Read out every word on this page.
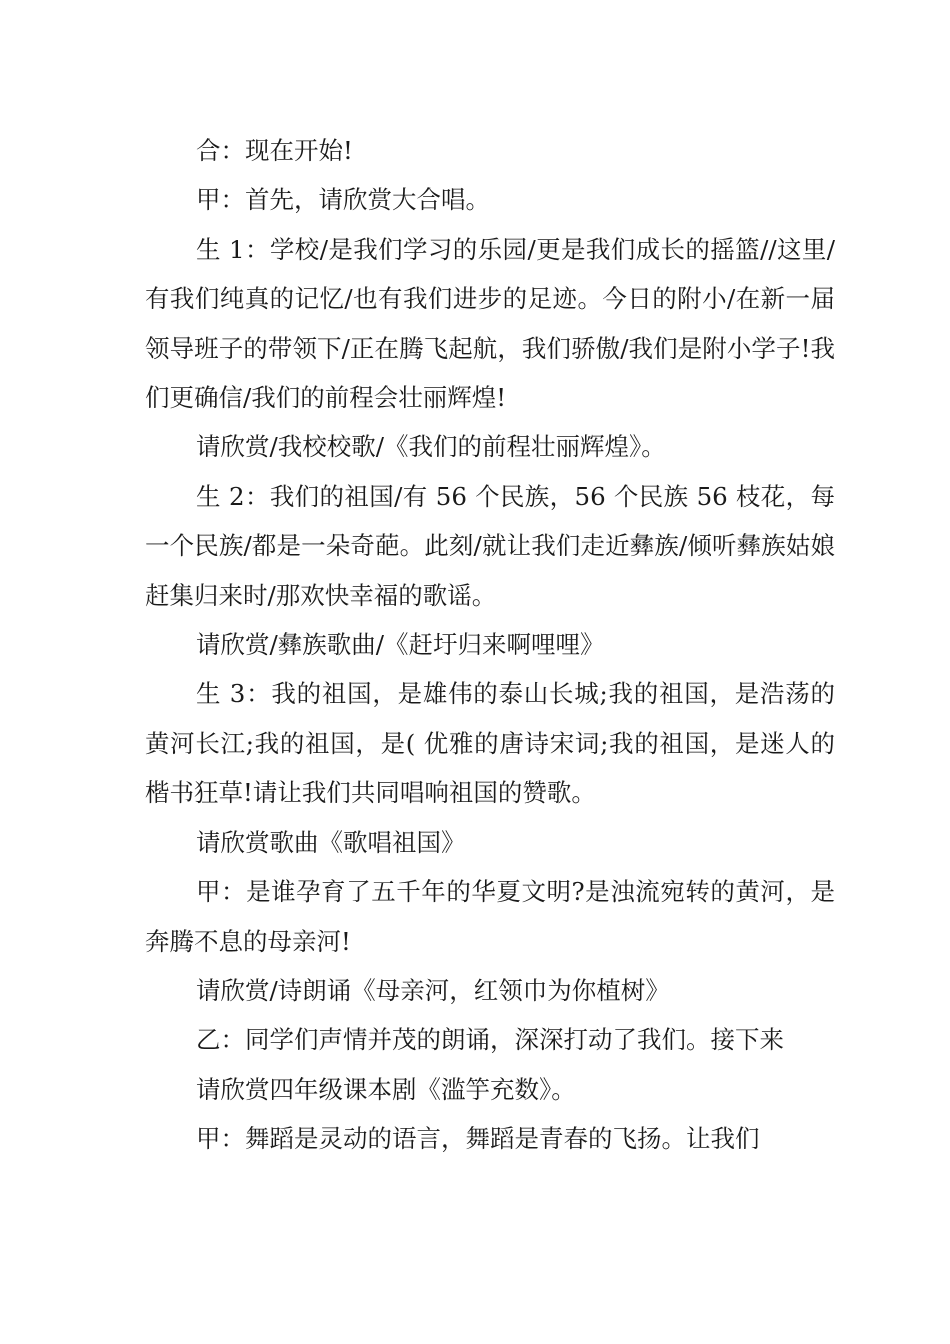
合：现在开始!

甲：首先，请欣赏大合唱。

生 1：学校/是我们学习的乐园/更是我们成长的摇篮//这里/有我们纯真的记忆/也有我们进步的足迹。今日的附小/在新一届领导班子的带领下/正在腾飞起航，我们骄傲/我们是附小学子!我们更确信/我们的前程会壮丽辉煌!

请欣赏/我校校歌/《我们的前程壮丽辉煌》。

生 2：我们的祖国/有 56 个民族，56 个民族 56 枝花，每一个民族/都是一朵奇葩。此刻/就让我们走近彝族/倾听彝族姑娘赶集归来时/那欢快幸福的歌谣。

请欣赏/彝族歌曲/《赶圩归来啊哩哩》

生 3：我的祖国，是雄伟的泰山长城;我的祖国，是浩荡的黄河长江;我的祖国，是( 优雅的唐诗宋词;我的祖国，是迷人的楷书狂草!请让我们共同唱响祖国的赞歌。

请欣赏歌曲《歌唱祖国》

甲：是谁孕育了五千年的华夏文明?是浊流宛转的黄河，是奔腾不息的母亲河!

请欣赏/诗朗诵《母亲河，红领巾为你植树》

乙：同学们声情并茂的朗诵，深深打动了我们。接下来

请欣赏四年级课本剧《滥竽充数》。

甲：舞蹈是灵动的语言，舞蹈是青春的飞扬。让我们
